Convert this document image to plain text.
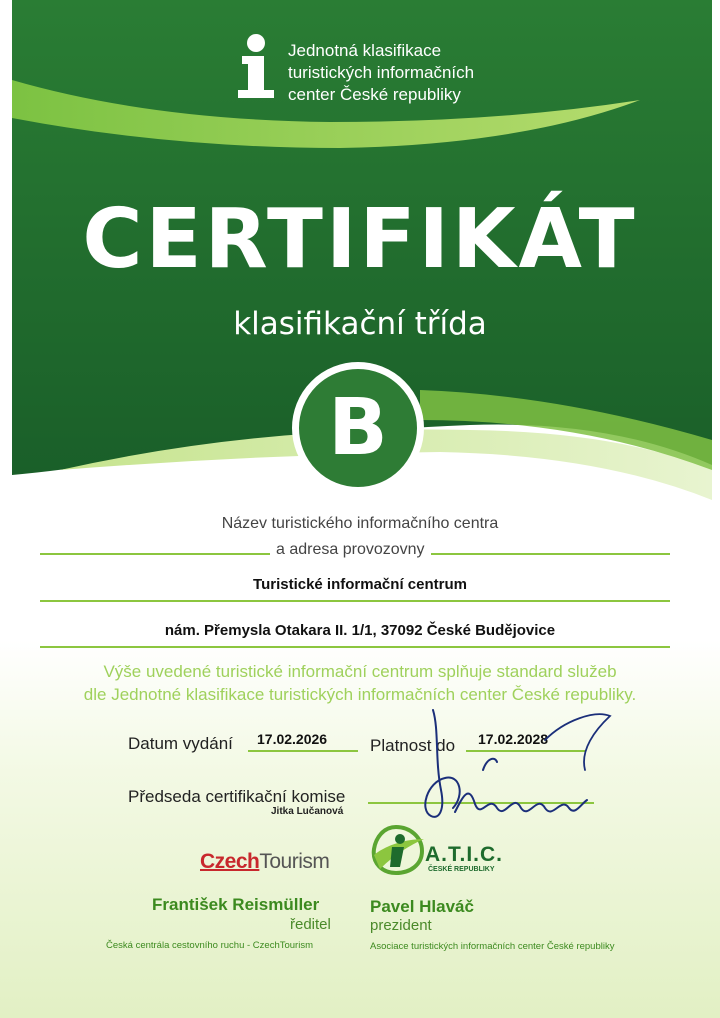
Jednotná klasifikace
turistických informačních
center České republiky
CERTIFIKÁT
klasifikační třída
B
Název turistického informačního centra
a adresa provozovny
Turistické informační centrum
nám. Přemysla Otakara II. 1/1, 37092 České Budějovice
Výše uvedené turistické informační centrum splňuje standard služeb
dle Jednotné klasifikace turistických informačních center České republiky.
Datum vydání 17.02.2026	Platnost do 17.02.2028
Předseda certifikační komise
Jitka Lučanová
CzechTourism	A.T.I.C.
ČESKÉ REPUBLIKY
František Reismüller
ředitel
Česká centrála cestovního ruchu - CzechTourism
Pavel Hlaváč
prezident
Asociace turistických informačních center České republiky
